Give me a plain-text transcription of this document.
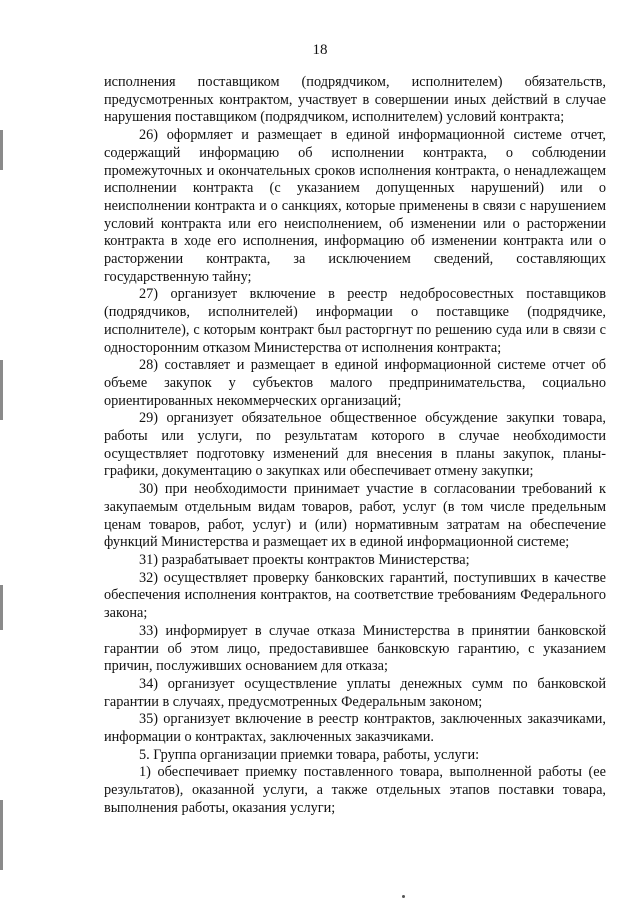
18

исполнения поставщиком (подрядчиком, исполнителем) обязательств, предусмотренных контрактом, участвует в совершении иных действий в случае нарушения поставщиком (подрядчиком, исполнителем) условий контракта;

26) оформляет и размещает в единой информационной системе отчет, содержащий информацию об исполнении контракта, о соблюдении промежуточных и окончательных сроков исполнения контракта, о ненадлежащем исполнении контракта (с указанием допущенных нарушений) или о неисполнении контракта и о санкциях, которые применены в связи с нарушением условий контракта или его неисполнением, об изменении или о расторжении контракта в ходе его исполнения, информацию об изменении контракта или о расторжении контракта, за исключением сведений, составляющих государственную тайну;

27) организует включение в реестр недобросовестных поставщиков (подрядчиков, исполнителей) информации о поставщике (подрядчике, исполнителе), с которым контракт был расторгнут по решению суда или в связи с односторонним отказом Министерства от исполнения контракта;

28) составляет и размещает в единой информационной системе отчет об объеме закупок у субъектов малого предпринимательства, социально ориентированных некоммерческих организаций;

29) организует обязательное общественное обсуждение закупки товара, работы или услуги, по результатам которого в случае необходимости осуществляет подготовку изменений для внесения в планы закупок, планы-графики, документацию о закупках или обеспечивает отмену закупки;

30) при необходимости принимает участие в согласовании требований к закупаемым отдельным видам товаров, работ, услуг (в том числе предельным ценам товаров, работ, услуг) и (или) нормативным затратам на обеспечение функций Министерства и размещает их в единой информационной системе;

31) разрабатывает проекты контрактов Министерства;

32) осуществляет проверку банковских гарантий, поступивших в качестве обеспечения исполнения контрактов, на соответствие требованиям Федерального закона;

33) информирует в случае отказа Министерства в принятии банковской гарантии об этом лицо, предоставившее банковскую гарантию, с указанием причин, послуживших основанием для отказа;

34) организует осуществление уплаты денежных сумм по банковской гарантии в случаях, предусмотренных Федеральным законом;

35) организует включение в реестр контрактов, заключенных заказчиками, информации о контрактах, заключенных заказчиками.

5. Группа организации приемки товара, работы, услуги:

1) обеспечивает приемку поставленного товара, выполненной работы (ее результатов), оказанной услуги, а также отдельных этапов поставки товара, выполнения работы, оказания услуги;
